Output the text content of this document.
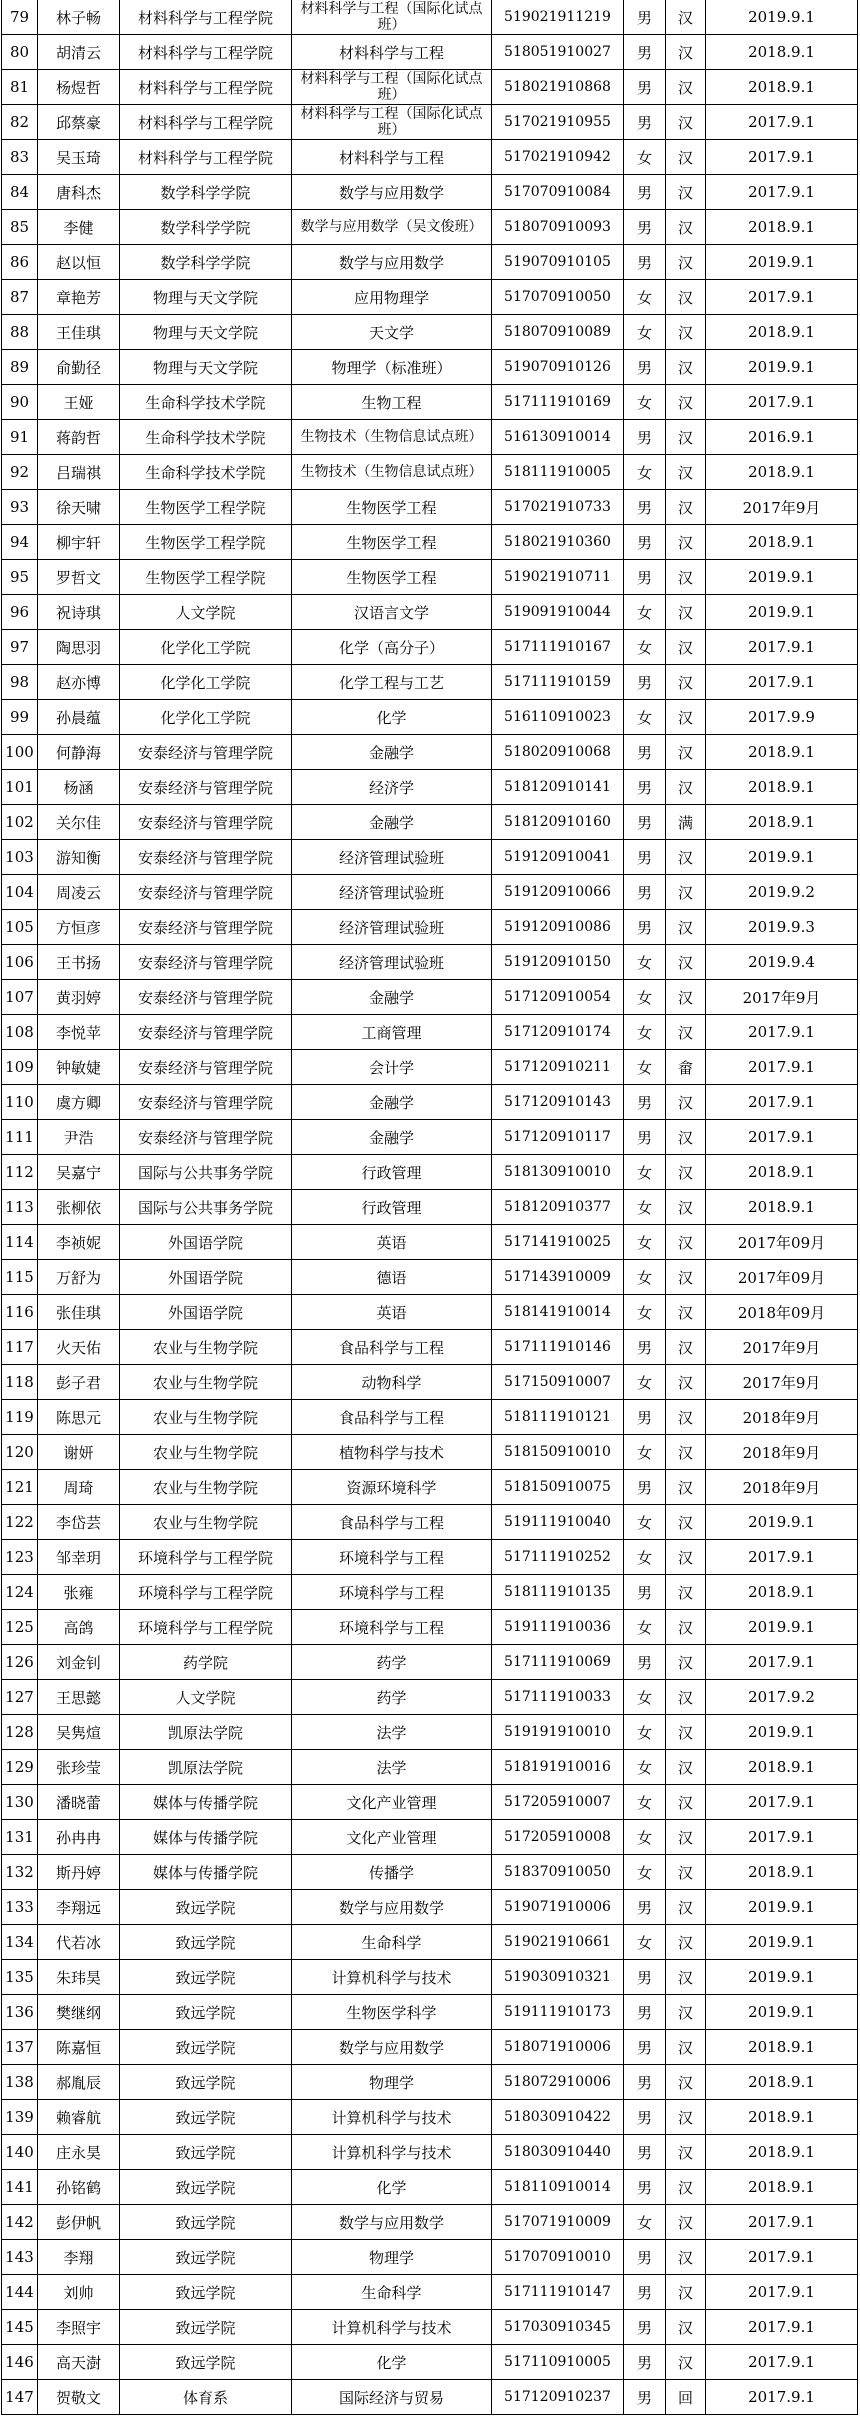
79	林子畅	材料科学与工程学院	材料科学与工程（国际化试点班）	519021911219	男	汉	2019.9.1
80	胡清云	材料科学与工程学院	材料科学与工程	518051910027	男	汉	2018.9.1
81	杨煜哲	材料科学与工程学院	材料科学与工程（国际化试点班）	518021910868	男	汉	2018.9.1
82	邱蔡豪	材料科学与工程学院	材料科学与工程（国际化试点班）	517021910955	男	汉	2017.9.1
83	吴玉琦	材料科学与工程学院	材料科学与工程	517021910942	女	汉	2017.9.1
84	唐科杰	数学科学学院	数学与应用数学	517070910084	男	汉	2017.9.1
85	李健	数学科学学院	数学与应用数学（吴文俊班）	518070910093	男	汉	2018.9.1
86	赵以恒	数学科学学院	数学与应用数学	519070910105	男	汉	2019.9.1
87	章艳芳	物理与天文学院	应用物理学	517070910050	女	汉	2017.9.1
88	王佳琪	物理与天文学院	天文学	518070910089	女	汉	2018.9.1
89	俞勤径	物理与天文学院	物理学（标准班）	519070910126	男	汉	2019.9.1
90	王娅	生命科学技术学院	生物工程	517111910169	女	汉	2017.9.1
91	蒋韵哲	生命科学技术学院	生物技术（生物信息试点班）	516130910014	男	汉	2016.9.1
92	吕瑞祺	生命科学技术学院	生物技术（生物信息试点班）	518111910005	女	汉	2018.9.1
93	徐天啸	生物医学工程学院	生物医学工程	517021910733	男	汉	2017年9月
94	柳宇轩	生物医学工程学院	生物医学工程	518021910360	男	汉	2018.9.1
95	罗哲文	生物医学工程学院	生物医学工程	519021910711	男	汉	2019.9.1
96	祝诗琪	人文学院	汉语言文学	519091910044	女	汉	2019.9.1
97	陶思羽	化学化工学院	化学（高分子）	517111910167	女	汉	2017.9.1
98	赵亦博	化学化工学院	化学工程与工艺	517111910159	男	汉	2017.9.1
99	孙晨蕴	化学化工学院	化学	516110910023	女	汉	2017.9.9
100	何静海	安泰经济与管理学院	金融学	518020910068	男	汉	2018.9.1
101	杨涵	安泰经济与管理学院	经济学	518120910141	男	汉	2018.9.1
102	关尔佳	安泰经济与管理学院	金融学	518120910160	男	满	2018.9.1
103	游知衡	安泰经济与管理学院	经济管理试验班	519120910041	男	汉	2019.9.1
104	周凌云	安泰经济与管理学院	经济管理试验班	519120910066	男	汉	2019.9.2
105	方恒彦	安泰经济与管理学院	经济管理试验班	519120910086	男	汉	2019.9.3
106	王书扬	安泰经济与管理学院	经济管理试验班	519120910150	女	汉	2019.9.4
107	黄羽婷	安泰经济与管理学院	金融学	517120910054	女	汉	2017年9月
108	李悦苹	安泰经济与管理学院	工商管理	517120910174	女	汉	2017.9.1
109	钟敏婕	安泰经济与管理学院	会计学	517120910211	女	畲	2017.9.1
110	虞方卿	安泰经济与管理学院	金融学	517120910143	男	汉	2017.9.1
111	尹浩	安泰经济与管理学院	金融学	517120910117	男	汉	2017.9.1
112	吴嘉宁	国际与公共事务学院	行政管理	518130910010	女	汉	2018.9.1
113	张柳依	国际与公共事务学院	行政管理	518120910377	女	汉	2018.9.1
114	李祯妮	外国语学院	英语	517141910025	女	汉	2017年09月
115	万舒为	外国语学院	德语	517143910009	女	汉	2017年09月
116	张佳琪	外国语学院	英语	518141910014	女	汉	2018年09月
117	火天佑	农业与生物学院	食品科学与工程	517111910146	男	汉	2017年9月
118	彭子君	农业与生物学院	动物科学	517150910007	女	汉	2017年9月
119	陈思元	农业与生物学院	食品科学与工程	518111910121	男	汉	2018年9月
120	谢妍	农业与生物学院	植物科学与技术	518150910010	女	汉	2018年9月
121	周琦	农业与生物学院	资源环境科学	518150910075	男	汉	2018年9月
122	李岱芸	农业与生物学院	食品科学与工程	519111910040	女	汉	2019.9.1
123	邹幸玥	环境科学与工程学院	环境科学与工程	517111910252	女	汉	2017.9.1
124	张雍	环境科学与工程学院	环境科学与工程	518111910135	男	汉	2018.9.1
125	高鸽	环境科学与工程学院	环境科学与工程	519111910036	女	汉	2019.9.1
126	刘金钊	药学院	药学	517111910069	男	汉	2017.9.1
127	王思懿	人文学院	药学	517111910033	女	汉	2017.9.2
128	吴隽煊	凯原法学院	法学	519191910010	女	汉	2019.9.1
129	张珍莹	凯原法学院	法学	518191910016	女	汉	2018.9.1
130	潘晓蕾	媒体与传播学院	文化产业管理	517205910007	女	汉	2017.9.1
131	孙冉冉	媒体与传播学院	文化产业管理	517205910008	女	汉	2017.9.1
132	斯丹婷	媒体与传播学院	传播学	518370910050	女	汉	2018.9.1
133	李翔远	致远学院	数学与应用数学	519071910006	男	汉	2019.9.1
134	代若冰	致远学院	生命科学	519021910661	女	汉	2019.9.1
135	朱玮昊	致远学院	计算机科学与技术	519030910321	男	汉	2019.9.1
136	樊继纲	致远学院	生物医学科学	519111910173	男	汉	2019.9.1
137	陈嘉恒	致远学院	数学与应用数学	518071910006	男	汉	2018.9.1
138	郝胤辰	致远学院	物理学	518072910006	男	汉	2018.9.1
139	赖睿航	致远学院	计算机科学与技术	518030910422	男	汉	2018.9.1
140	庄永昊	致远学院	计算机科学与技术	518030910440	男	汉	2018.9.1
141	孙铭鹤	致远学院	化学	518110910014	男	汉	2018.9.1
142	彭伊帆	致远学院	数学与应用数学	517071910009	女	汉	2017.9.1
143	李翔	致远学院	物理学	517070910010	男	汉	2017.9.1
144	刘帅	致远学院	生命科学	517111910147	男	汉	2017.9.1
145	李照宇	致远学院	计算机科学与技术	517030910345	男	汉	2017.9.1
146	高天澍	致远学院	化学	517110910005	男	汉	2017.9.1
147	贺敬文	体育系	国际经济与贸易	517120910237	男	回	2017.9.1
